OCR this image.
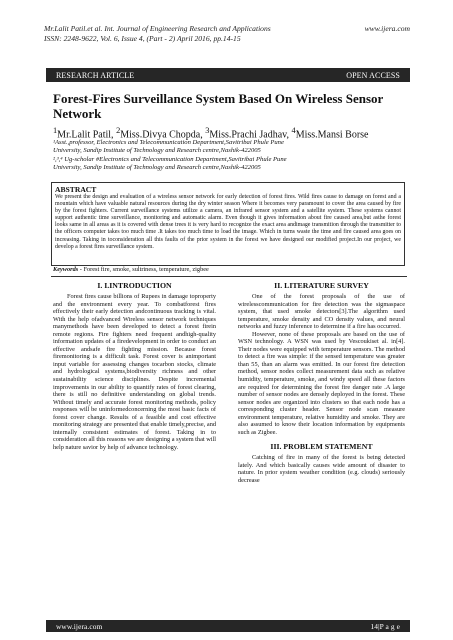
Mr.Lalit Patil.et al. Int. Journal of Engineering Research and Applications	www.ijera.com
ISSN: 2248-9622, Vol. 6, Issue 4, (Part - 2) April 2016, pp.14-15
RESEARCH ARTICLE	OPEN ACCESS
Forest-Fires Surveillance System Based On Wireless Sensor Network
$^1$Mr.Lalit Patil, $^2$Miss.Divya Chopda, $^3$Miss.Prachi Jadhav, $^4$Miss.Mansi Borse
¹Asst.,professor, Electronics and Telecommunication Department,Savitribai Phule Pune
University, Sandip Institute of Technology and Research centre,Nashik-422005
²,³,⁴ Ug-scholar #Electronics and Telecommunication Department,Savitribai Phule Pune
University, Sandip Institute of Technology and Research centre,Nashik-422005
ABSTRACT
We present the design and evaluation of a wireless sensor network for early detection of forest fires. Wild fires cause to damage on forest and a mountain which have valuable natural resources during the dry winter season Where it becomes very paramount to cover the area caused by fire by the forest fighters. Current surveillance systems utilize a camera, an infrared sensor system and a satellite system. These systems cannot support authentic time surveillance, monitoring and automatic alarm. Even though it gives information about fire caused area,but asthe forest looks same in all areas as it is covered with dense trees it is very hard to recognize the exact area andimage transmition through the transmitter to the officers computer takes too much time .It takes too much time to load the image. Which in turns waste the time and fire caused area goes on increasing. Taking in toconsideration all this faults of the prior system in the forest we have designed our modified project.In our project, we develop a forest fires surveillance system.
Keywords - Forest fire, smoke, sultriness, temperature, zigbee
I. I.INTRODUCTION

Forest fires cause billions of Rupees in damage toproperty and the environment every year. To combatforest fires effectively their early detection andcontinuous tracking is vital. With the help ofadvanced Wireless sensor network techniques manymethods have been developed to detect a forest firein remote regions. Fire fighters need frequent andhigh-quality information updates of a firedevelopment in order to conduct an effective andsafe fire fighting mission. Because forest firemonitoring is a difficult task. Forest cover is animportant input variable for assessing changes tocarbon stocks, climate and hydrological systems,biodiversity richness and other sustainability science disciplines. Despite incremental improvements in our ability to quantify rates of forest clearing, there is still no definitive understanding on global trends. Without timely and accurate forest monitoring methods, policy responses will be uninformedconcerning the most basic facts of forest cover change. Results of a feasible and cost effective monitoring strategy are presented that enable timely,precise, and internally consistent estimates of forest. Taking in to consideration all this reasons we are designing a system that will help nature savior by help of advance technology.

II. LITERATURE SURVEY

One of the forest proposals of the use of wirelesscommunication for fire detection was the sigmaspace system, that used smoke detectors[3].The algorithm used temperature, smoke density and CO density values, and neural networks and fuzzy inference to determine if a fire has occurred.

However, none of these proposals are based on the use of WSN technology. A WSN was used by Vescoukiset al. in[4]. Their nodes were equipped with temperature sensors. The method to detect a fire was simple: if the sensed temperature was greater than 55, than an alarm was emitted. In our forest fire detection method, sensor nodes collect measurement data such as relative humidity, temperature, smoke, and windy speed all these factors are required for determining the forest fire danger rate .A large number of sensor nodes are densely deployed in the forest. These sensor nodes are organized into clusters so that each node has a corresponding cluster header. Sensor node scan measure environment temperature, relative humidity and smoke. They are also assumed to know their location information by equipments such as Zigbee.

III. PROBLEM STATEMENT

Catching of fire in many of the forest is being detected lately. And which basically causes wide amount of disaster to nature. In prior system weather condition (e.g. clouds) seriously decrease

www.ijera.com	14|P a g e
